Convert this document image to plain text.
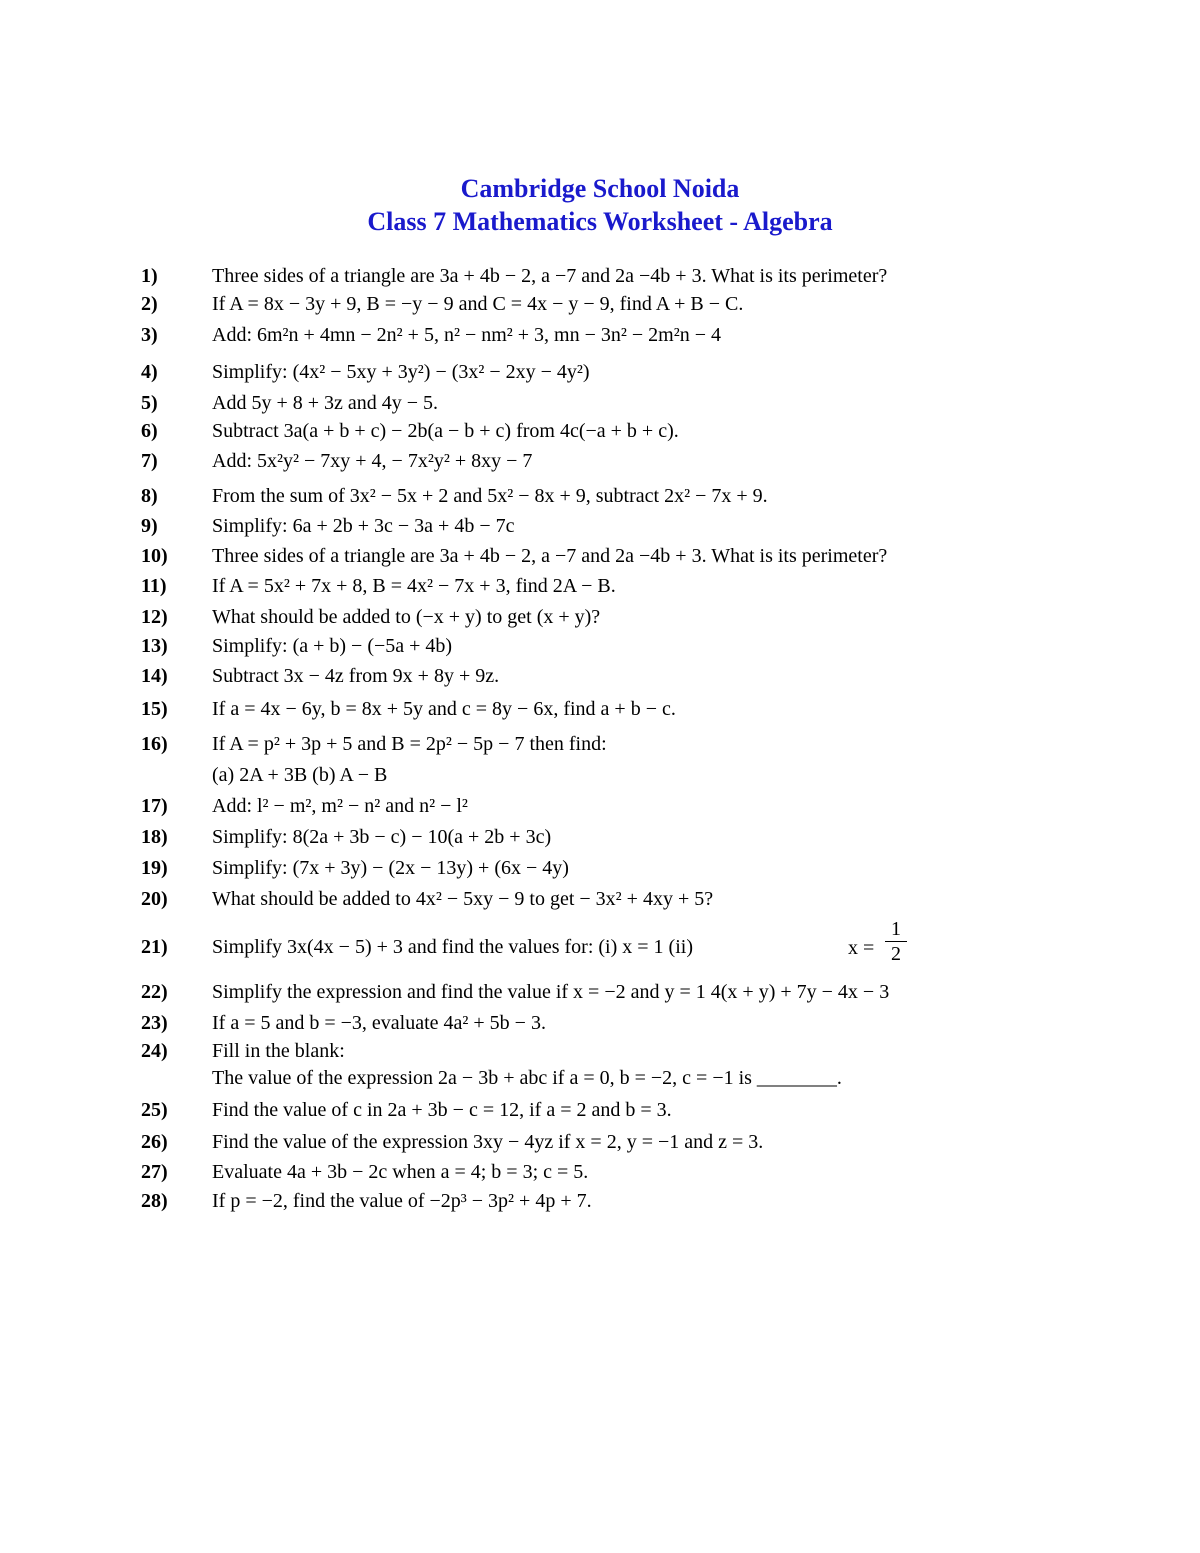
Cambridge School Noida
Class 7 Mathematics Worksheet - Algebra
1)	Three sides of a triangle are 3a + 4b − 2, a −7 and 2a −4b + 3. What is its perimeter?
2)	If A = 8x − 3y + 9, B = −y − 9 and C = 4x − y − 9, find A + B − C.
3)	Add: 6m²n + 4mn − 2n² + 5, n² − nm² + 3, mn − 3n² − 2m²n − 4
4)	Simplify: (4x² − 5xy + 3y²) − (3x² − 2xy − 4y²)
5)	Add 5y + 8 + 3z and 4y − 5.
6)	Subtract 3a(a + b + c) − 2b(a − b + c) from 4c(−a + b + c).
7)	Add: 5x²y² − 7xy + 4, − 7x²y² + 8xy − 7
8)	From the sum of 3x² − 5x + 2 and 5x² − 8x + 9, subtract 2x² − 7x + 9.
9)	Simplify: 6a + 2b + 3c − 3a + 4b − 7c
10) Three sides of a triangle are 3a + 4b − 2, a −7 and 2a −4b + 3. What is its perimeter?
11) If A = 5x² + 7x + 8, B = 4x² − 7x + 3, find 2A − B.
12) What should be added to (−x + y) to get (x + y)?
13) Simplify: (a + b) − (−5a + 4b)
14) Subtract 3x − 4z from 9x + 8y + 9z.
15) If a = 4x − 6y, b = 8x + 5y and c = 8y − 6x, find a + b − c.
16) If A = p² + 3p + 5 and B = 2p² − 5p − 7 then find:
17) Add: l² − m², m² − n² and n² − l²
18) Simplify: 8(2a + 3b − c) − 10(a + 2b + 3c)
19) Simplify: (7x + 3y) − (2x − 13y) + (6x − 4y)
20) What should be added to 4x² − 5xy − 9 to get − 3x² + 4xy + 5?
21) Simplify 3x(4x − 5) + 3 and find the values for: (i) x = 1 (ii)
22) Simplify the expression and find the value if x = −2 and y = 1 4(x + y) + 7y − 4x − 3
23) If a = 5 and b = −3, evaluate 4a² + 5b − 3.
24) Fill in the blank:
25) Find the value of c in 2a + 3b − c = 12, if a = 2 and b = 3.
26) Find the value of the expression 3xy − 4yz if x = 2, y = −1 and z = 3.
27) Evaluate 4a + 3b − 2c when a = 4; b = 3; c = 5.
28) If p = −2, find the value of −2p³ − 3p² + 4p + 7.
(a) 2A + 3B (b) A − B
x =
1
2
The value of the expression 2a − 3b + abc if a = 0, b = −2, c = −1 is ________.
